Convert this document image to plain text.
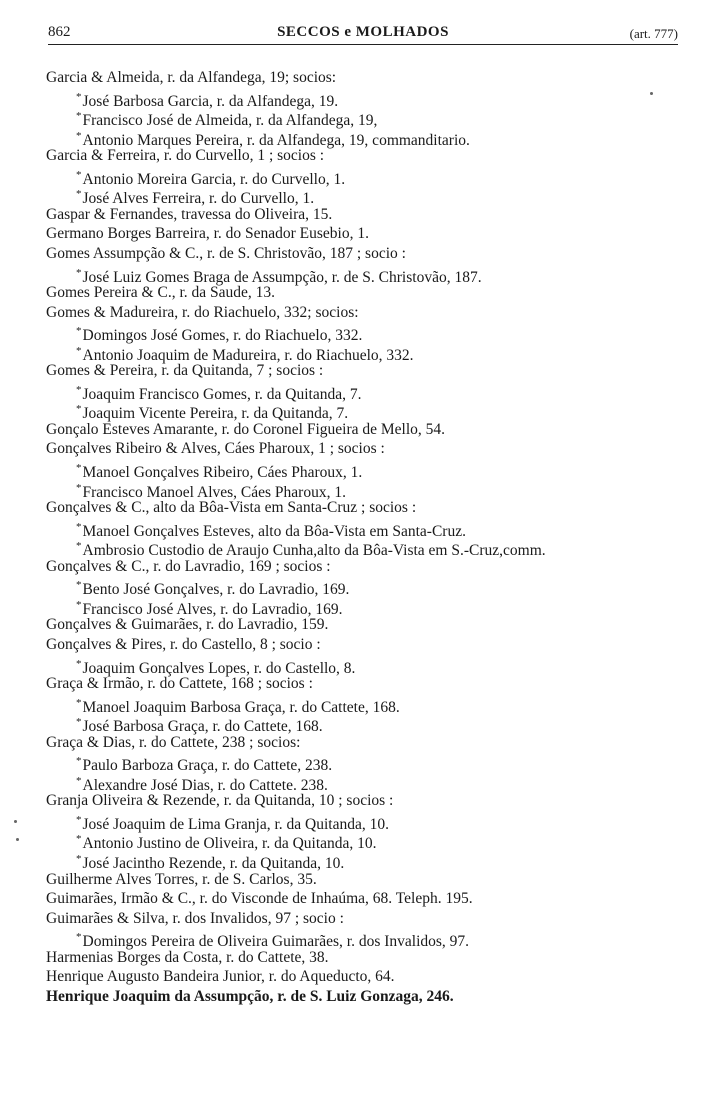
862	SECCOS e MOLHADOS	(art. 777)
Garcia & Almeida, r. da Alfandega, 19; socios:
*José Barbosa Garcia, r. da Alfandega, 19.
*Francisco José de Almeida, r. da Alfandega, 19,
*Antonio Marques Pereira, r. da Alfandega, 19, commanditario.
Garcia & Ferreira, r. do Curvello, 1 ; socios :
*Antonio Moreira Garcia, r. do Curvello, 1.
*José Alves Ferreira, r. do Curvello, 1.
Gaspar & Fernandes, travessa do Oliveira, 15.
Germano Borges Barreira, r. do Senador Eusebio, 1.
Gomes Assumpção & C., r. de S. Christovão, 187 ; socio :
*José Luiz Gomes Braga de Assumpção, r. de S. Christovão, 187.
Gomes Pereira & C., r. da Saude, 13.
Gomes & Madureira, r. do Riachuelo, 332; socios:
*Domingos José Gomes, r. do Riachuelo, 332.
*Antonio Joaquim de Madureira, r. do Riachuelo, 332.
Gomes & Pereira, r. da Quitanda, 7 ; socios :
*Joaquim Francisco Gomes, r. da Quitanda, 7.
*Joaquim Vicente Pereira, r. da Quitanda, 7.
Gonçalo Esteves Amarante, r. do Coronel Figueira de Mello, 54.
Gonçalves Ribeiro & Alves, Cáes Pharoux, 1 ; socios :
*Manoel Gonçalves Ribeiro, Cáes Pharoux, 1.
*Francisco Manoel Alves, Cáes Pharoux, 1.
Gonçalves & C., alto da Bôa-Vista em Santa-Cruz ; socios :
*Manoel Gonçalves Esteves, alto da Bôa-Vista em Santa-Cruz.
*Ambrosio Custodio de Araujo Cunha,alto da Bôa-Vista em S.-Cruz,comm.
Gonçalves & C., r. do Lavradio, 169 ; socios :
*Bento José Gonçalves, r. do Lavradio, 169.
*Francisco José Alves, r. do Lavradio, 169.
Gonçalves & Guimarães, r. do Lavradio, 159.
Gonçalves & Pires, r. do Castello, 8 ; socio :
*Joaquim Gonçalves Lopes, r. do Castello, 8.
Graça & Irmão, r. do Cattete, 168 ; socios :
*Manoel Joaquim Barbosa Graça, r. do Cattete, 168.
*José Barbosa Graça, r. do Cattete, 168.
Graça & Dias, r. do Cattete, 238 ; socios:
*Paulo Barboza Graça, r. do Cattete, 238.
*Alexandre José Dias, r. do Cattete. 238.
Granja Oliveira & Rezende, r. da Quitanda, 10 ; socios :
*José Joaquim de Lima Granja, r. da Quitanda, 10.
*Antonio Justino de Oliveira, r. da Quitanda, 10.
*José Jacintho Rezende, r. da Quitanda, 10.
Guilherme Alves Torres, r. de S. Carlos, 35.
Guimarães, Irmão & C., r. do Visconde de Inhaúma, 68. Teleph. 195.
Guimarães & Silva, r. dos Invalidos, 97 ; socio :
*Domingos Pereira de Oliveira Guimarães, r. dos Invalidos, 97.
Harmenias Borges da Costa, r. do Cattete, 38.
Henrique Augusto Bandeira Junior, r. do Aqueducto, 64.
Henrique Joaquim da Assumpção, r. de S. Luiz Gonzaga, 246.
